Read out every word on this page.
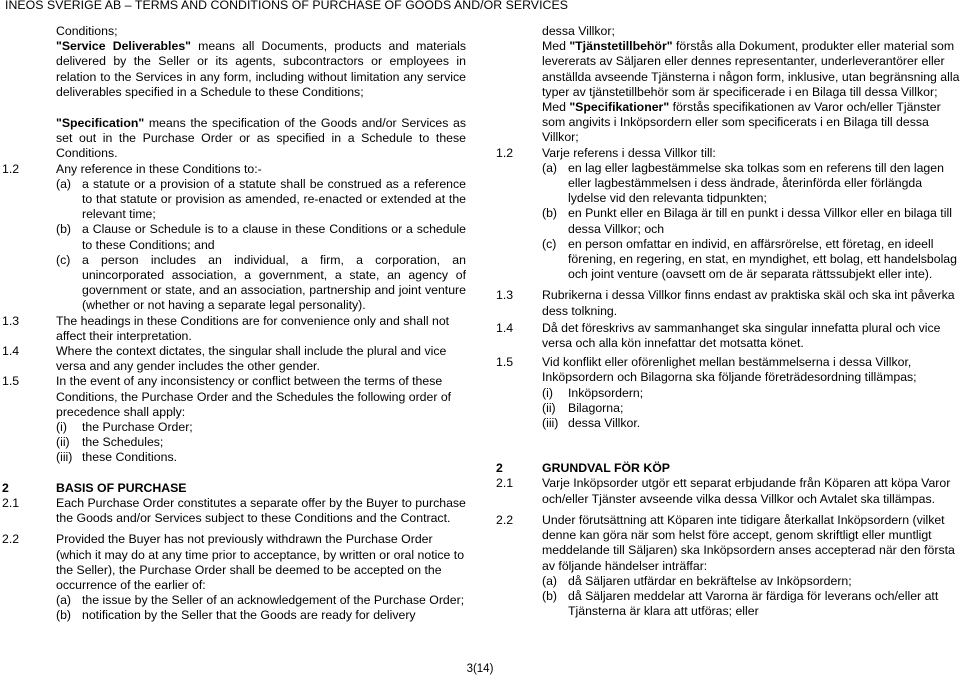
INEOS SVERIGE AB – TERMS AND CONDITIONS OF PURCHASE OF GOODS AND/OR SERVICES
Conditions;
"Service Deliverables" means all Documents, products and materials delivered by the Seller or its agents, subcontractors or employees in relation to the Services in any form, including without limitation any service deliverables specified in a Schedule to these Conditions;
"Specification" means the specification of the Goods and/or Services as set out in the Purchase Order or as specified in a Schedule to these Conditions.
1.2	Any reference in these Conditions to:-
(a) a statute or a provision of a statute shall be construed as a reference to that statute or provision as amended, re-enacted or extended at the relevant time;
(b) a Clause or Schedule is to a clause in these Conditions or a schedule to these Conditions; and
(c) a person includes an individual, a firm, a corporation, an unincorporated association, a government, a state, an agency of government or state, and an association, partnership and joint venture (whether or not having a separate legal personality).
1.3	The headings in these Conditions are for convenience only and shall not affect their interpretation.
1.4	Where the context dictates, the singular shall include the plural and vice versa and any gender includes the other gender.
1.5	In the event of any inconsistency or conflict between the terms of these Conditions, the Purchase Order and the Schedules the following order of precedence shall apply:
(i) the Purchase Order;
(ii) the Schedules;
(iii) these Conditions.
2	BASIS OF PURCHASE
2.1	Each Purchase Order constitutes a separate offer by the Buyer to purchase the Goods and/or Services subject to these Conditions and the Contract.
2.2	Provided the Buyer has not previously withdrawn the Purchase Order (which it may do at any time prior to acceptance, by written or oral notice to the Seller), the Purchase Order shall be deemed to be accepted on the occurrence of the earlier of:
(a) the issue by the Seller of an acknowledgement of the Purchase Order;
(b) notification by the Seller that the Goods are ready for delivery
dessa Villkor;
Med "Tjänstetillbehör" förstås alla Dokument, produkter eller material som levererats av Säljaren eller dennes representanter, underleverantörer eller anställda avseende Tjänsterna i någon form, inklusive, utan begränsning alla typer av tjänstetillbehör som är specificerade i en Bilaga till dessa Villkor;
Med "Specifikationer" förstås specifikationen av Varor och/eller Tjänster som angivits i Inköpsordern eller som specificerats i en Bilaga till dessa Villkor;
1.2 Varje referens i dessa Villkor till:
(a) en lag eller lagbestämmelse ska tolkas som en referens till den lagen eller lagbestämmelsen i dess ändrade, återinförda eller förlängda lydelse vid den relevanta tidpunkten;
(b) en Punkt eller en Bilaga är till en punkt i dessa Villkor eller en bilaga till dessa Villkor; och
(c) en person omfattar en individ, en affärsrörelse, ett företag, en ideell förening, en regering, en stat, en myndighet, ett bolag, ett handelsbolag och joint venture (oavsett om de är separata rättssubjekt eller inte).
1.3 Rubrikerna i dessa Villkor finns endast av praktiska skäl och ska int påverka dess tolkning.
1.4 Då det föreskrivs av sammanhanget ska singular innefatta plural och vice versa och alla kön innefattar det motsatta könet.
1.5 Vid konflikt eller oförenlighet mellan bestämmelserna i dessa Villkor, Inköpsordern och Bilagorna ska följande företrädesordning tillämpas;
(i) Inköpsordern;
(ii) Bilagorna;
(iii) dessa Villkor.
2	GRUNDVAL FÖR KÖP
2.1 Varje Inköpsorder utgör ett separat erbjudande från Köparen att köpa Varor och/eller Tjänster avseende vilka dessa Villkor och Avtalet ska tillämpas.
2.2 Under förutsättning att Köparen inte tidigare återkallat Inköpsordern (vilket denne kan göra när som helst före accept, genom skriftligt eller muntligt meddelande till Säljaren) ska Inköpsordern anses accepterad när den första av följande händelser inträffar:
(a) då Säljaren utfärdar en bekräftelse av Inköpsordern;
(b) då Säljaren meddelar att Varorna är färdiga för leverans och/eller att Tjänsterna är klara att utföras; eller
3(14)
